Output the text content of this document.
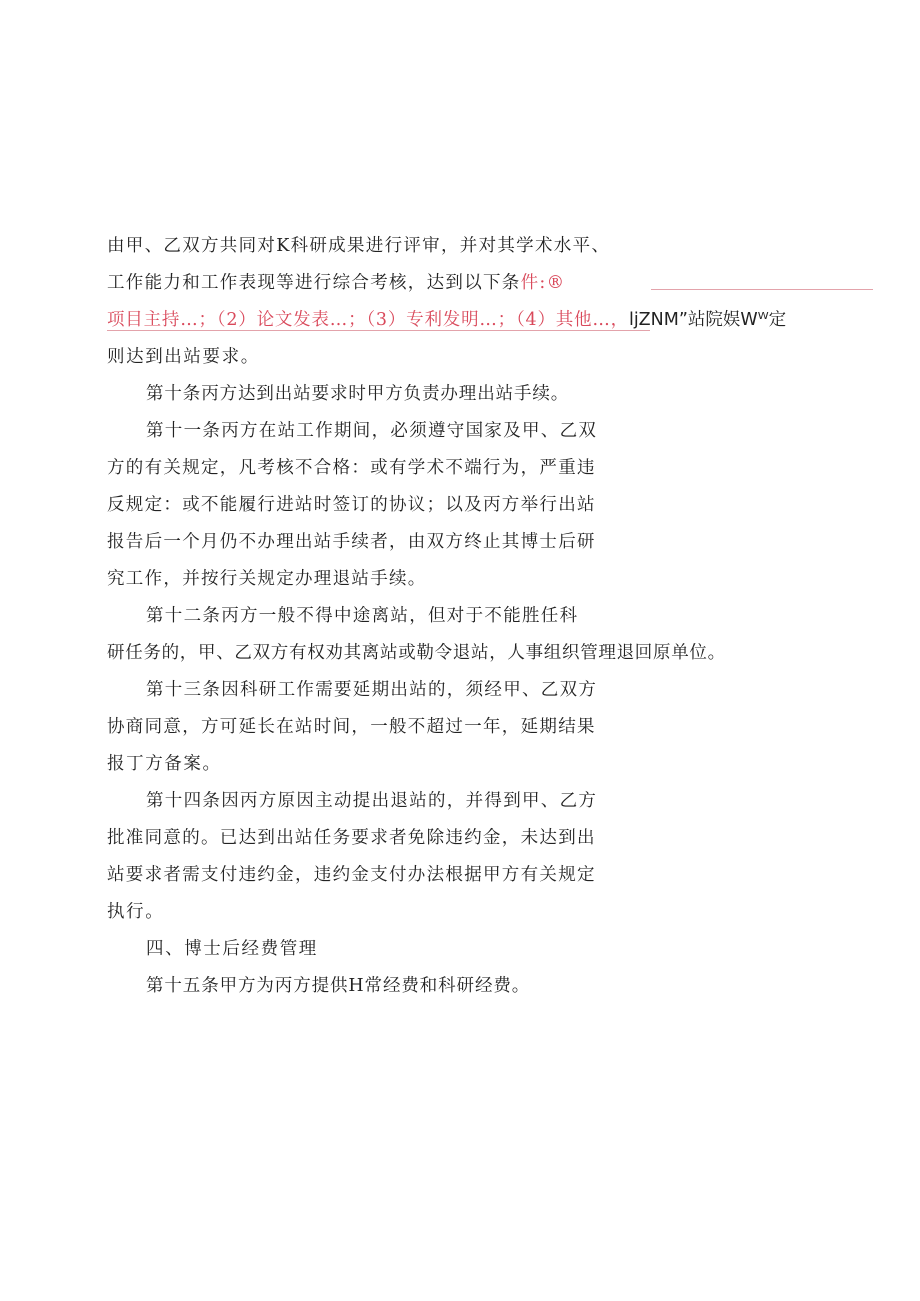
由甲、乙双方共同对K科研成果进行评审，并对其学术水平、
工作能力和工作表现等进行综合考核，达到以下条件:®
项目主持…；（2）论文发表…；（3）专利发明…；（4）其他…，ljZNM”站院娱Wᵂ定
则达到出站要求。
第十条丙方达到出站要求时甲方负责办理出站手续。
第十一条丙方在站工作期间，必须遵守国家及甲、乙双
方的有关规定，凡考核不合格：或有学术不端行为，严重违
反规定：或不能履行进站时签订的协议；以及丙方举行出站
报告后一个月仍不办理出站手续者，由双方终止其博士后研
究工作，并按行关规定办理退站手续。
第十二条丙方一般不得中途离站，但对于不能胜任科
研任务的，甲、乙双方有权劝其离站或勒令退站，人事组织管理退回原单位。
第十三条因科研工作需要延期出站的，须经甲、乙双方
协商同意，方可延长在站时间，一般不超过一年，延期结果
报丁方备案。
第十四条因丙方原因主动提出退站的，并得到甲、乙方
批准同意的。已达到出站任务要求者免除违约金，未达到出
站要求者需支付违约金，违约金支付办法根据甲方有关规定
执行。
四、博士后经费管理
第十五条甲方为丙方提供H常经费和科研经费。
